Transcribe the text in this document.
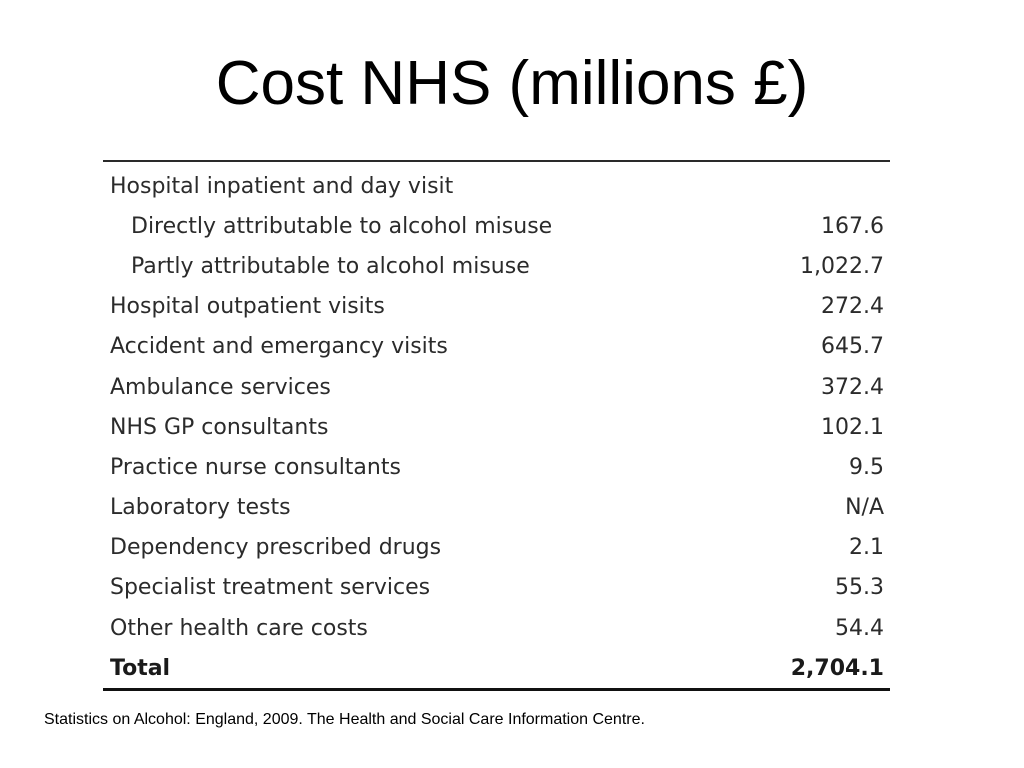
Cost NHS (millions £)
Hospital inpatient and day visit	
Directly attributable to alcohol misuse	167.6
Partly attributable to alcohol misuse	1,022.7
Hospital outpatient visits	272.4
Accident and emergancy visits	645.7
Ambulance services	372.4
NHS GP consultants	102.1
Practice nurse consultants	9.5
Laboratory tests	N/A
Dependency prescribed drugs	2.1
Specialist treatment services	55.3
Other health care costs	54.4
Total	2,704.1
Statistics on Alcohol: England, 2009. The Health and Social Care Information Centre.
